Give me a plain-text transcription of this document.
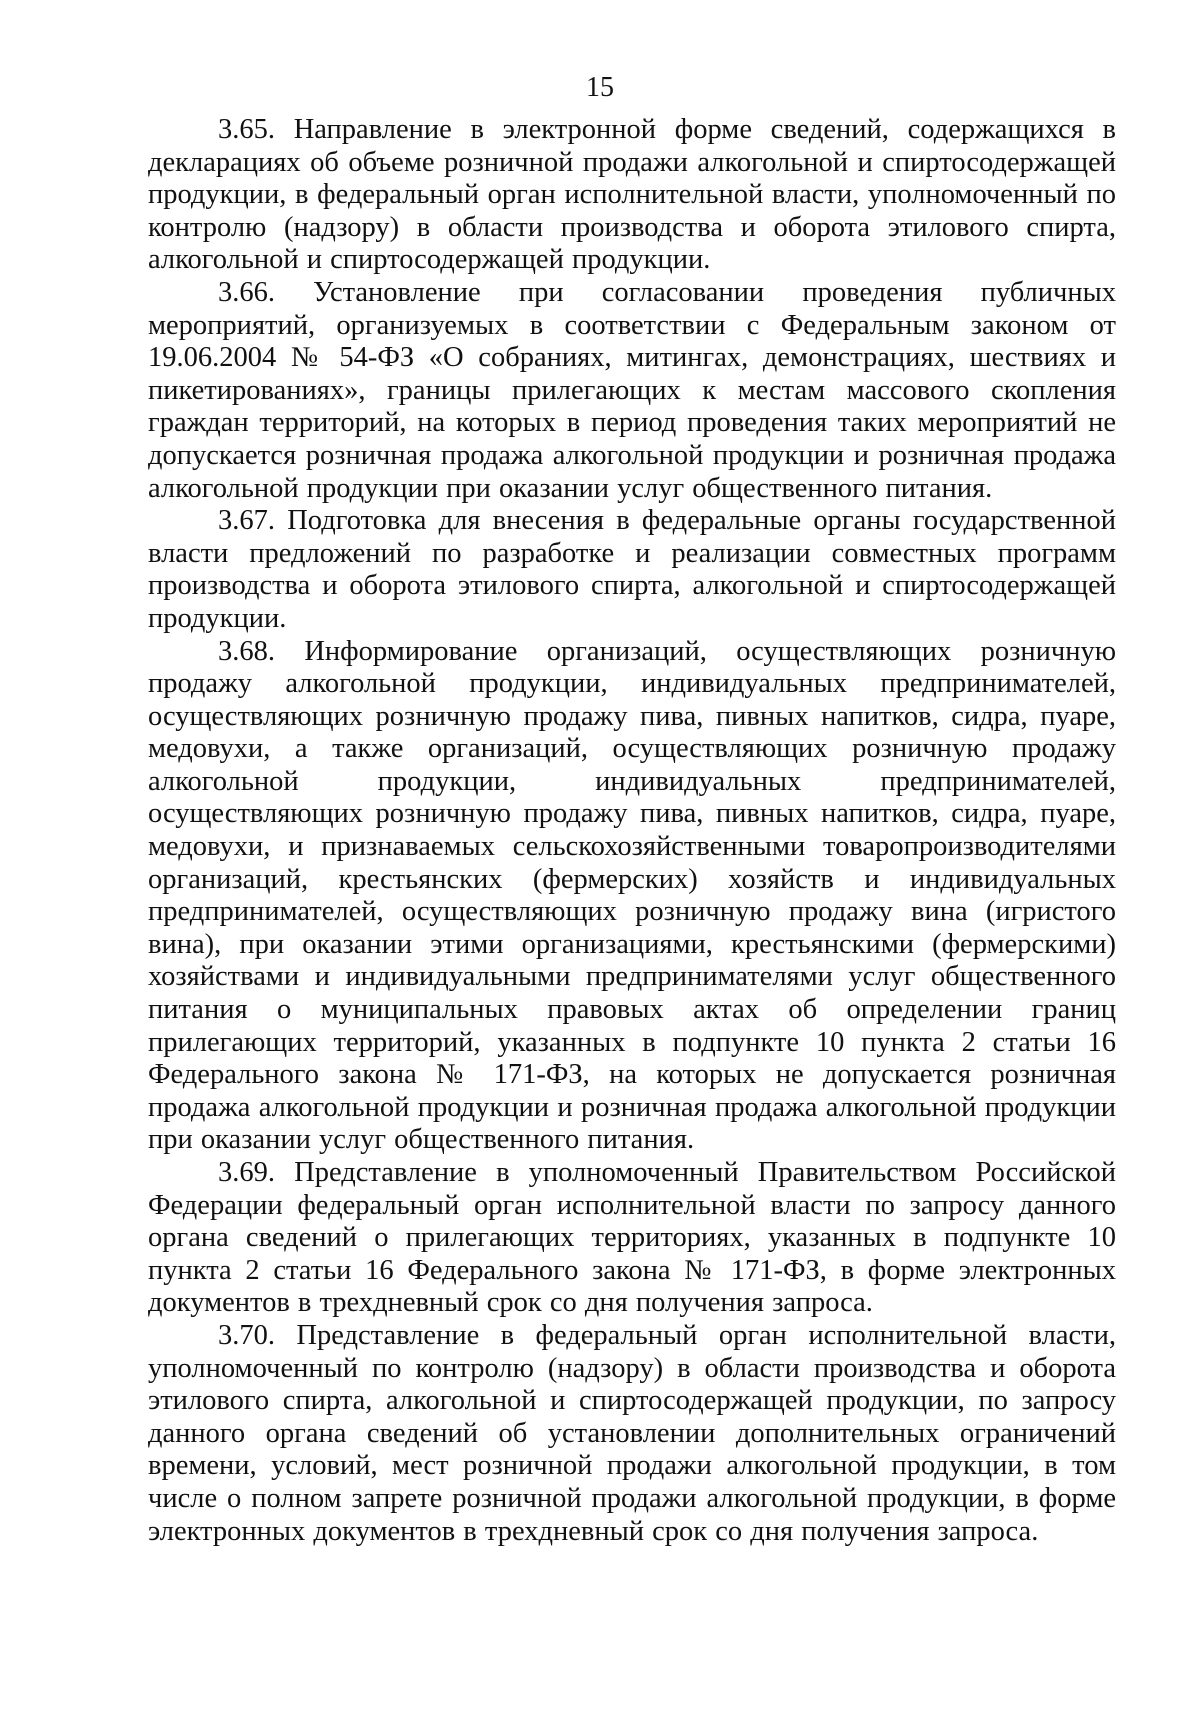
15

3.65. Направление в электронной форме сведений, содержащихся в декларациях об объеме розничной продажи алкогольной и спиртосодержащей продукции, в федеральный орган исполнительной власти, уполномоченный по контролю (надзору) в области производства и оборота этилового спирта, алкогольной и спиртосодержащей продукции.

3.66. Установление при согласовании проведения публичных мероприятий, организуемых в соответствии с Федеральным законом от 19.06.2004 № 54-ФЗ «О собраниях, митингах, демонстрациях, шествиях и пикетированиях», границы прилегающих к местам массового скопления граждан территорий, на которых в период проведения таких мероприятий не допускается розничная продажа алкогольной продукции и розничная продажа алкогольной продукции при оказании услуг общественного питания.

3.67. Подготовка для внесения в федеральные органы государственной власти предложений по разработке и реализации совместных программ производства и оборота этилового спирта, алкогольной и спиртосодержащей продукции.

3.68. Информирование организаций, осуществляющих розничную продажу алкогольной продукции, индивидуальных предпринимателей, осуществляющих розничную продажу пива, пивных напитков, сидра, пуаре, медовухи, а также организаций, осуществляющих розничную продажу алкогольной продукции, индивидуальных предпринимателей, осуществляющих розничную продажу пива, пивных напитков, сидра, пуаре, медовухи, и признаваемых сельскохозяйственными товаропроизводителями организаций, крестьянских (фермерских) хозяйств и индивидуальных предпринимателей, осуществляющих розничную продажу вина (игристого вина), при оказании этими организациями, крестьянскими (фермерскими) хозяйствами и индивидуальными предпринимателями услуг общественного питания о муниципальных правовых актах об определении границ прилегающих территорий, указанных в подпункте 10 пункта 2 статьи 16 Федерального закона № 171-ФЗ, на которых не допускается розничная продажа алкогольной продукции и розничная продажа алкогольной продукции при оказании услуг общественного питания.

3.69. Представление в уполномоченный Правительством Российской Федерации федеральный орган исполнительной власти по запросу данного органа сведений о прилегающих территориях, указанных в подпункте 10 пункта 2 статьи 16 Федерального закона № 171-ФЗ, в форме электронных документов в трехдневный срок со дня получения запроса.

3.70. Представление в федеральный орган исполнительной власти, уполномоченный по контролю (надзору) в области производства и оборота этилового спирта, алкогольной и спиртосодержащей продукции, по запросу данного органа сведений об установлении дополнительных ограничений времени, условий, мест розничной продажи алкогольной продукции, в том числе о полном запрете розничной продажи алкогольной продукции, в форме электронных документов в трехдневный срок со дня получения запроса.
